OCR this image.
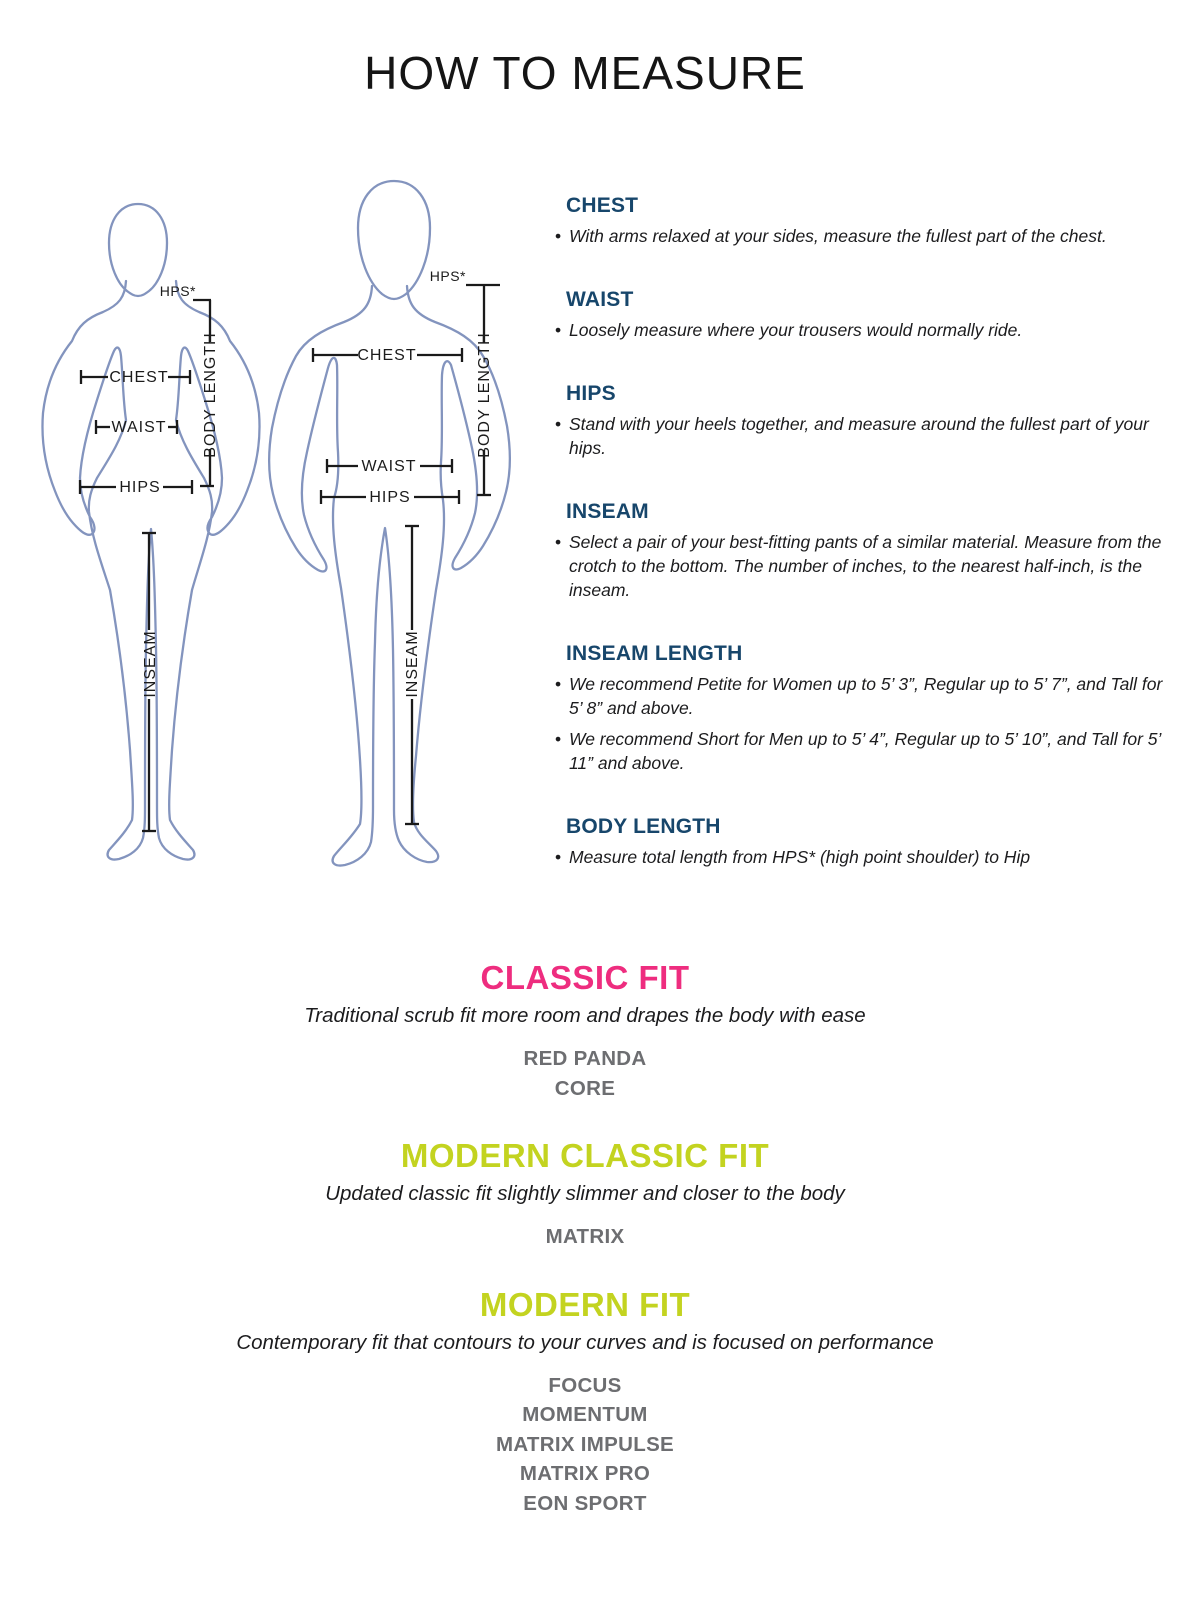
HOW TO MEASURE
HPS*
CHEST
WAIST
HIPS
INSEAM
BODY LENGTH
HPS*
CHEST
WAIST
HIPS
INSEAM
BODY LENGTH
CHEST

• With arms relaxed at your sides, measure the fullest part of the chest.

WAIST

• Loosely measure where your trousers would normally ride.

HIPS

• Stand with your heels together, and measure around the fullest part of your hips.

INSEAM

• Select a pair of your best-fitting pants of a similar material. Measure from the crotch to the bottom. The number of inches, to the nearest half-inch, is the inseam.

INSEAM LENGTH

• We recommend Petite for Women up to 5’ 3”, Regular up to 5’ 7”, and Tall for 5’ 8” and above.

• We recommend Short for Men up to 5’ 4”, Regular up to 5’ 10”, and Tall for 5’ 11” and above.

BODY LENGTH

• Measure total length from HPS* (high point shoulder) to Hip

CLASSIC FIT

Traditional scrub fit more room and drapes the body with ease

RED PANDA

CORE

MODERN CLASSIC FIT

Updated classic fit slightly slimmer and closer to the body

MATRIX

MODERN FIT

Contemporary fit that contours to your curves and is focused on performance

FOCUS

MOMENTUM

MATRIX IMPULSE

MATRIX PRO

EON SPORT
